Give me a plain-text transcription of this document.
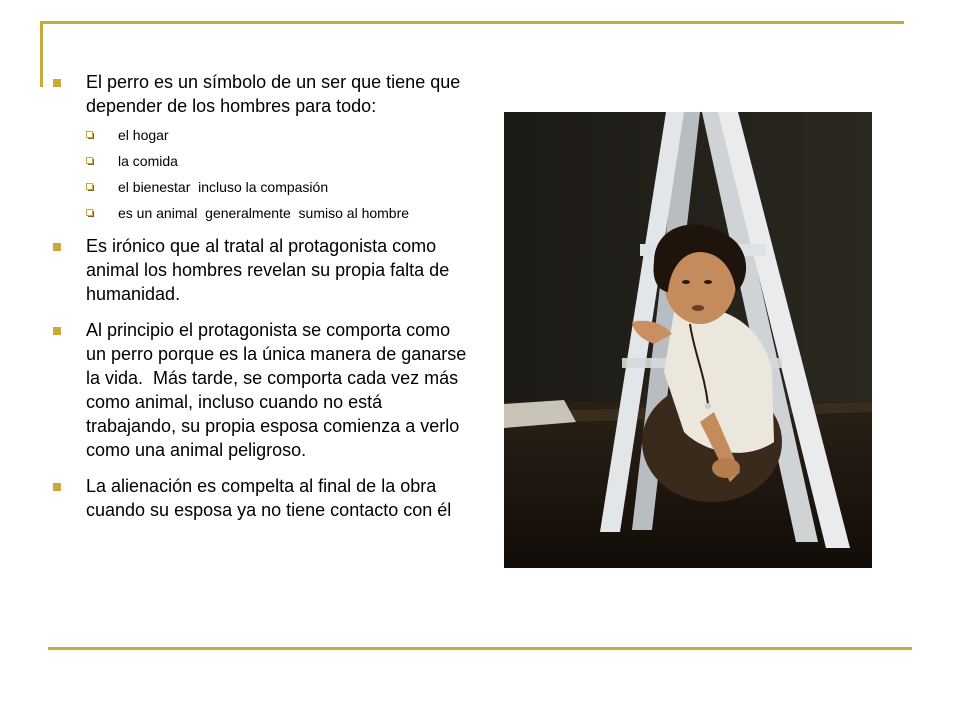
El perro es un símbolo de un ser que tiene que depender de los hombres para todo:
el hogar
la comida
el bienestar  incluso la compasión
es un animal  generalmente  sumiso al hombre
Es irónico que al tratal al protagonista como animal los hombres revelan su propia falta de humanidad.
Al principio el protagonista se comporta como un perro porque es la única manera de ganarse la vida.  Más tarde, se comporta cada vez más como animal, incluso cuando no está trabajando, su propia esposa comienza a verlo como una animal peligroso.
La alienación es compelta al final de la obra cuando su esposa ya no tiene contacto con él
